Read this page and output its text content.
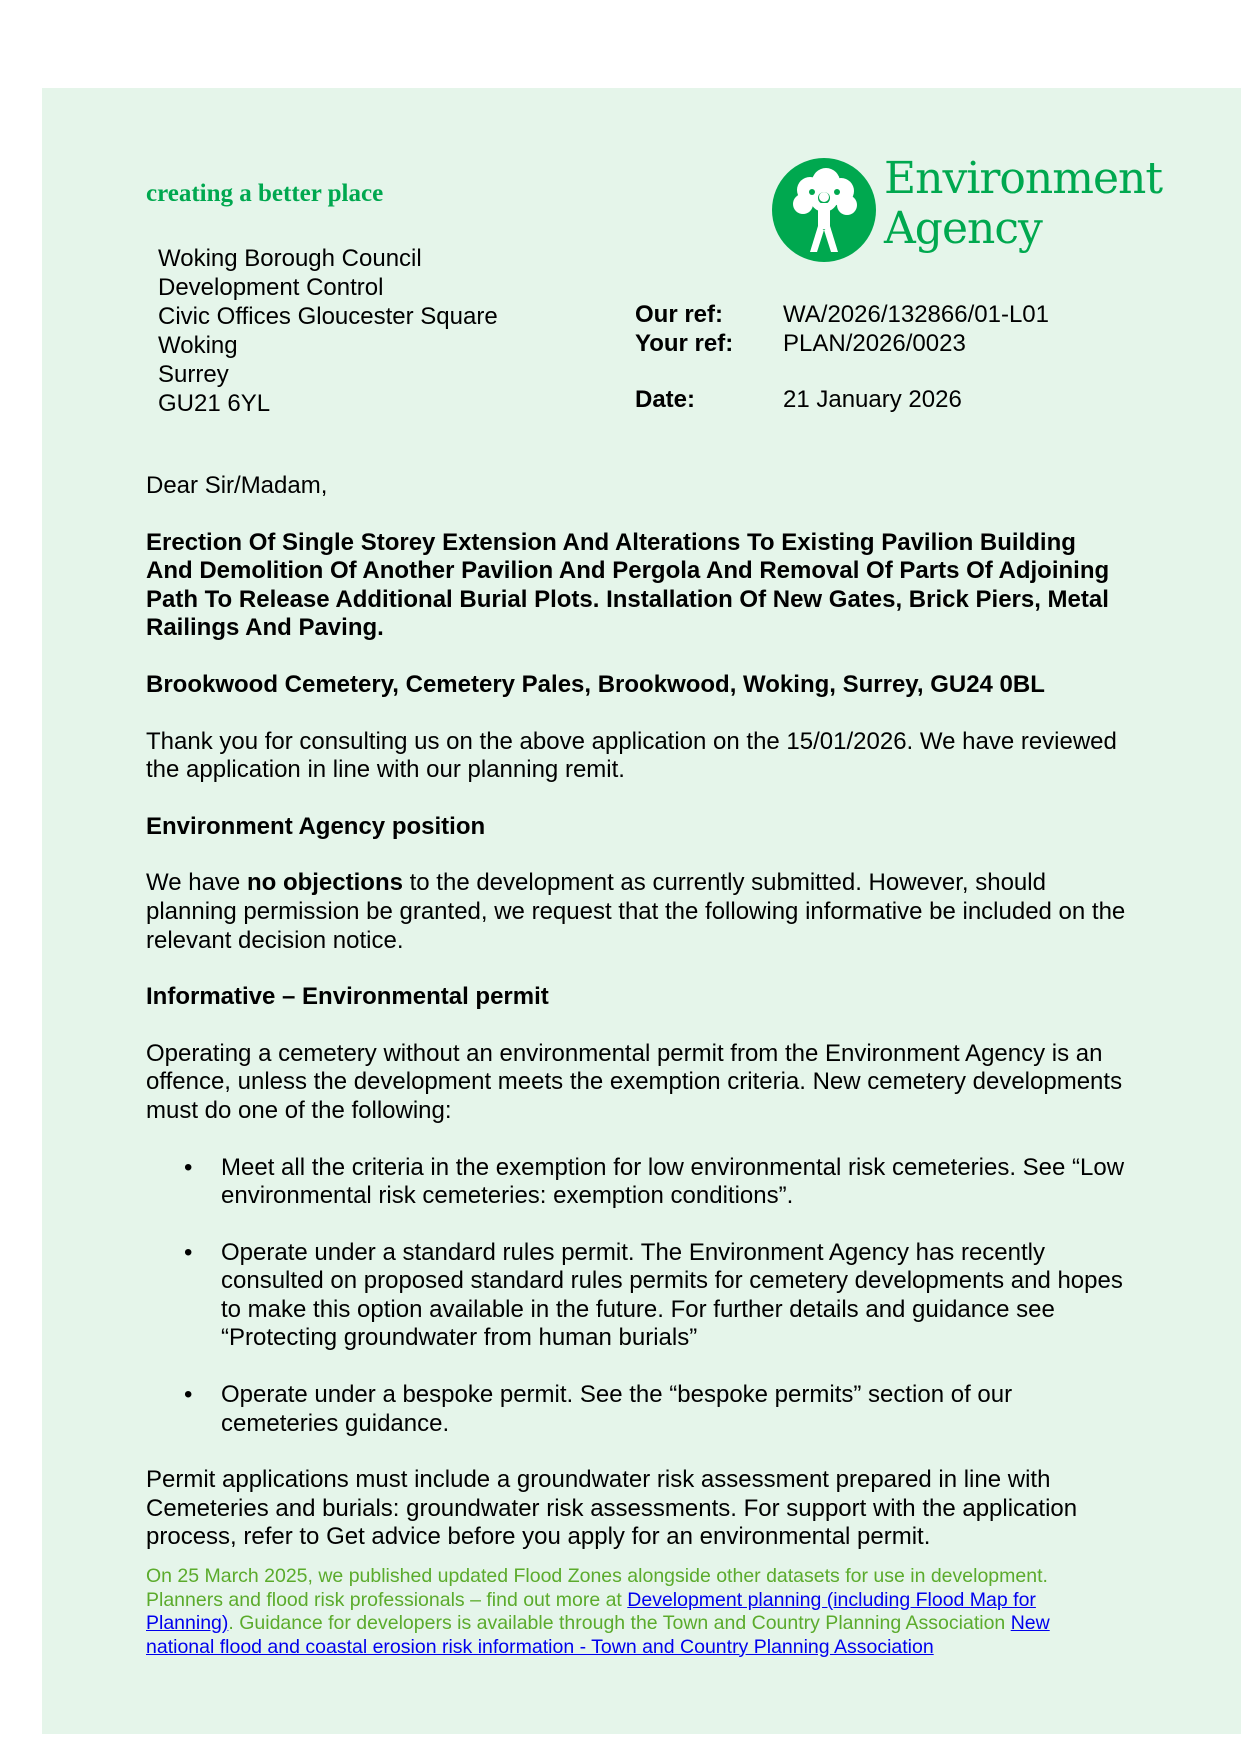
creating a better place	Environment
Agency
Woking Borough Council
Development Control
Civic Offices Gloucester Square
Woking
Surrey
GU21 6YL
Our ref:	WA/2026/132866/01-L01
Your ref:	PLAN/2026/0023
Date:	21 January 2026

Dear Sir/Madam,

Erection Of Single Storey Extension And Alterations To Existing Pavilion Building And Demolition Of Another Pavilion And Pergola And Removal Of Parts Of Adjoining Path To Release Additional Burial Plots. Installation Of New Gates, Brick Piers, Metal Railings And Paving.

Brookwood Cemetery, Cemetery Pales, Brookwood, Woking, Surrey, GU24 0BL

Thank you for consulting us on the above application on the 15/01/2026. We have reviewed the application in line with our planning remit.

Environment Agency position

We have no objections to the development as currently submitted. However, should planning permission be granted, we request that the following informative be included on the relevant decision notice.

Informative – Environmental permit

Operating a cemetery without an environmental permit from the Environment Agency is an offence, unless the development meets the exemption criteria. New cemetery developments must do one of the following:

• Meet all the criteria in the exemption for low environmental risk cemeteries. See “Low environmental risk cemeteries: exemption conditions”.
• Operate under a standard rules permit. The Environment Agency has recently consulted on proposed standard rules permits for cemetery developments and hopes to make this option available in the future. For further details and guidance see “Protecting groundwater from human burials”
• Operate under a bespoke permit. See the “bespoke permits” section of our cemeteries guidance.

Permit applications must include a groundwater risk assessment prepared in line with Cemeteries and burials: groundwater risk assessments. For support with the application process, refer to Get advice before you apply for an environmental permit.

On 25 March 2025, we published updated Flood Zones alongside other datasets for use in development. Planners and flood risk professionals – find out more at Development planning (including Flood Map for Planning). Guidance for developers is available through the Town and Country Planning Association New national flood and coastal erosion risk information - Town and Country Planning Association
